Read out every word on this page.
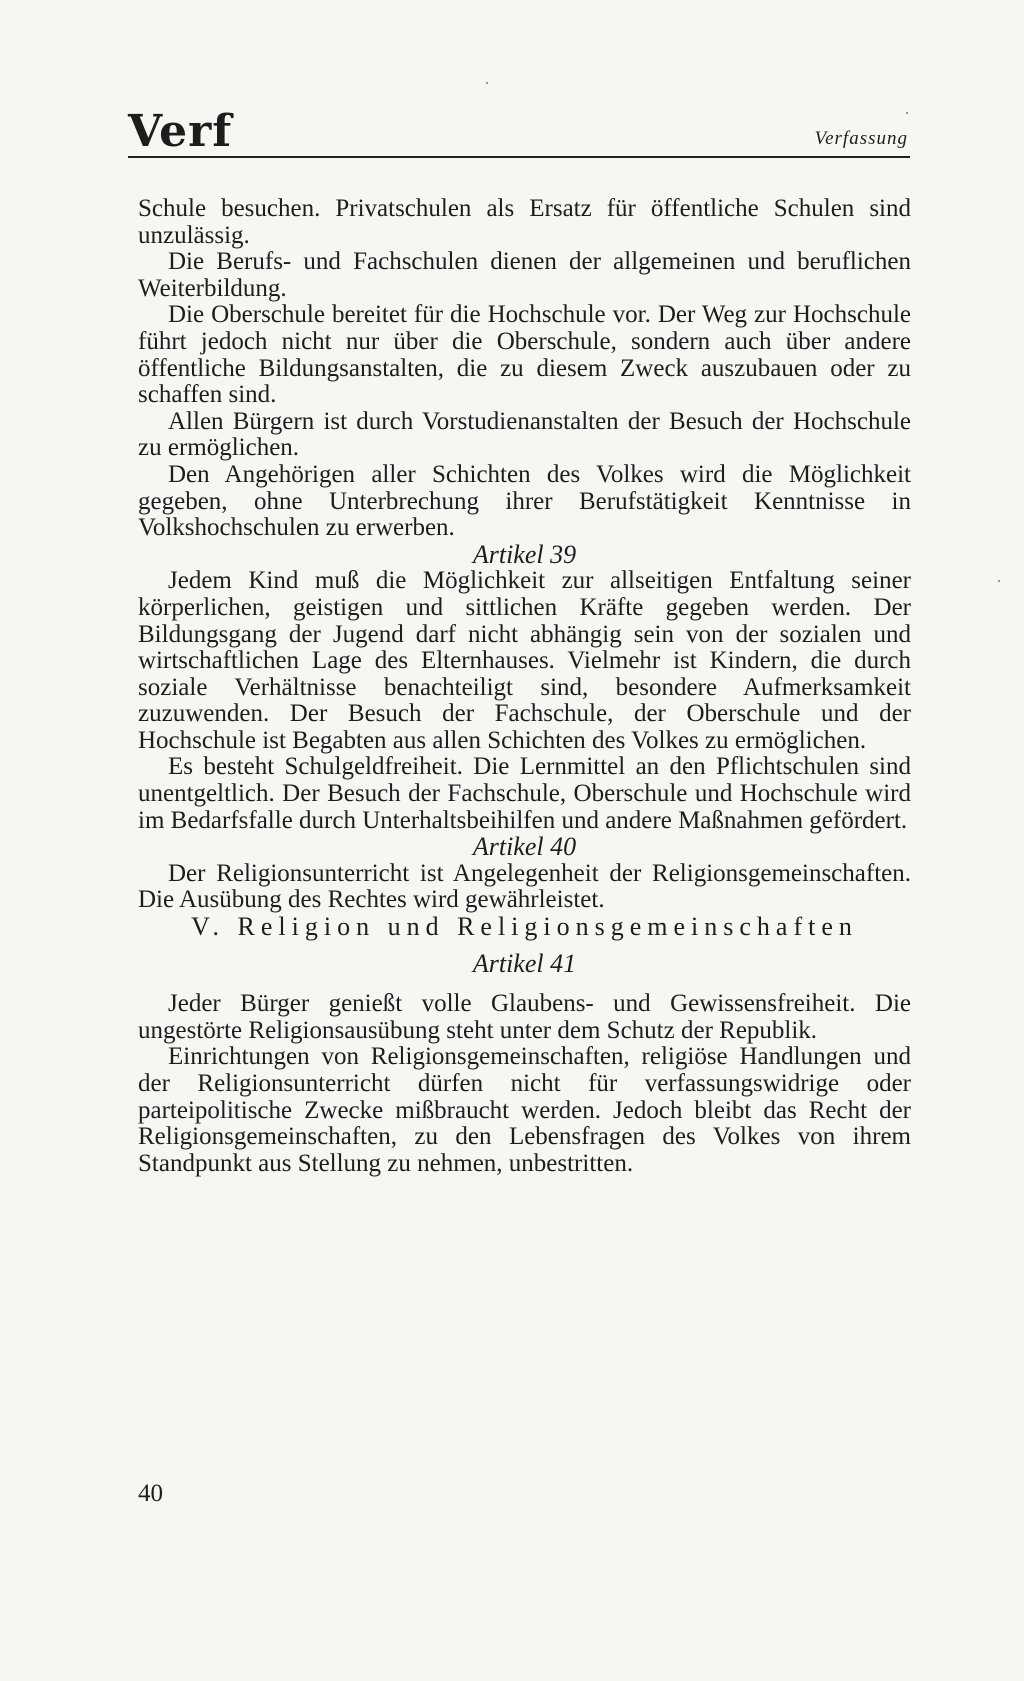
Verf	Verfassung

Schule besuchen. Privatschulen als Ersatz für öffentliche Schulen sind unzulässig.

Die Berufs- und Fachschulen dienen der allgemeinen und beruflichen Weiterbildung.

Die Oberschule bereitet für die Hochschule vor. Der Weg zur Hochschule führt jedoch nicht nur über die Oberschule, sondern auch über andere öffentliche Bildungsanstalten, die zu diesem Zweck auszubauen oder zu schaffen sind.

Allen Bürgern ist durch Vorstudienanstalten der Besuch der Hochschule zu ermöglichen.

Den Angehörigen aller Schichten des Volkes wird die Möglichkeit gegeben, ohne Unterbrechung ihrer Berufstätigkeit Kenntnisse in Volkshochschulen zu erwerben.

Artikel 39

Jedem Kind muß die Möglichkeit zur allseitigen Entfaltung seiner körperlichen, geistigen und sittlichen Kräfte gegeben werden. Der Bildungsgang der Jugend darf nicht abhängig sein von der sozialen und wirtschaftlichen Lage des Elternhauses. Vielmehr ist Kindern, die durch soziale Verhältnisse benachteiligt sind, besondere Aufmerksamkeit zuzuwenden. Der Besuch der Fachschule, der Oberschule und der Hochschule ist Begabten aus allen Schichten des Volkes zu ermöglichen.

Es besteht Schulgeldfreiheit. Die Lernmittel an den Pflichtschulen sind unentgeltlich. Der Besuch der Fachschule, Oberschule und Hochschule wird im Bedarfsfalle durch Unterhaltsbeihilfen und andere Maßnahmen gefördert.

Artikel 40

Der Religionsunterricht ist Angelegenheit der Religionsgemeinschaften. Die Ausübung des Rechtes wird gewährleistet.

V. Religion und Religionsgemeinschaften

Artikel 41

Jeder Bürger genießt volle Glaubens- und Gewissensfreiheit. Die ungestörte Religionsausübung steht unter dem Schutz der Republik.

Einrichtungen von Religionsgemeinschaften, religiöse Handlungen und der Religionsunterricht dürfen nicht für verfassungswidrige oder parteipolitische Zwecke mißbraucht werden. Jedoch bleibt das Recht der Religionsgemeinschaften, zu den Lebensfragen des Volkes von ihrem Standpunkt aus Stellung zu nehmen, unbestritten.

40
